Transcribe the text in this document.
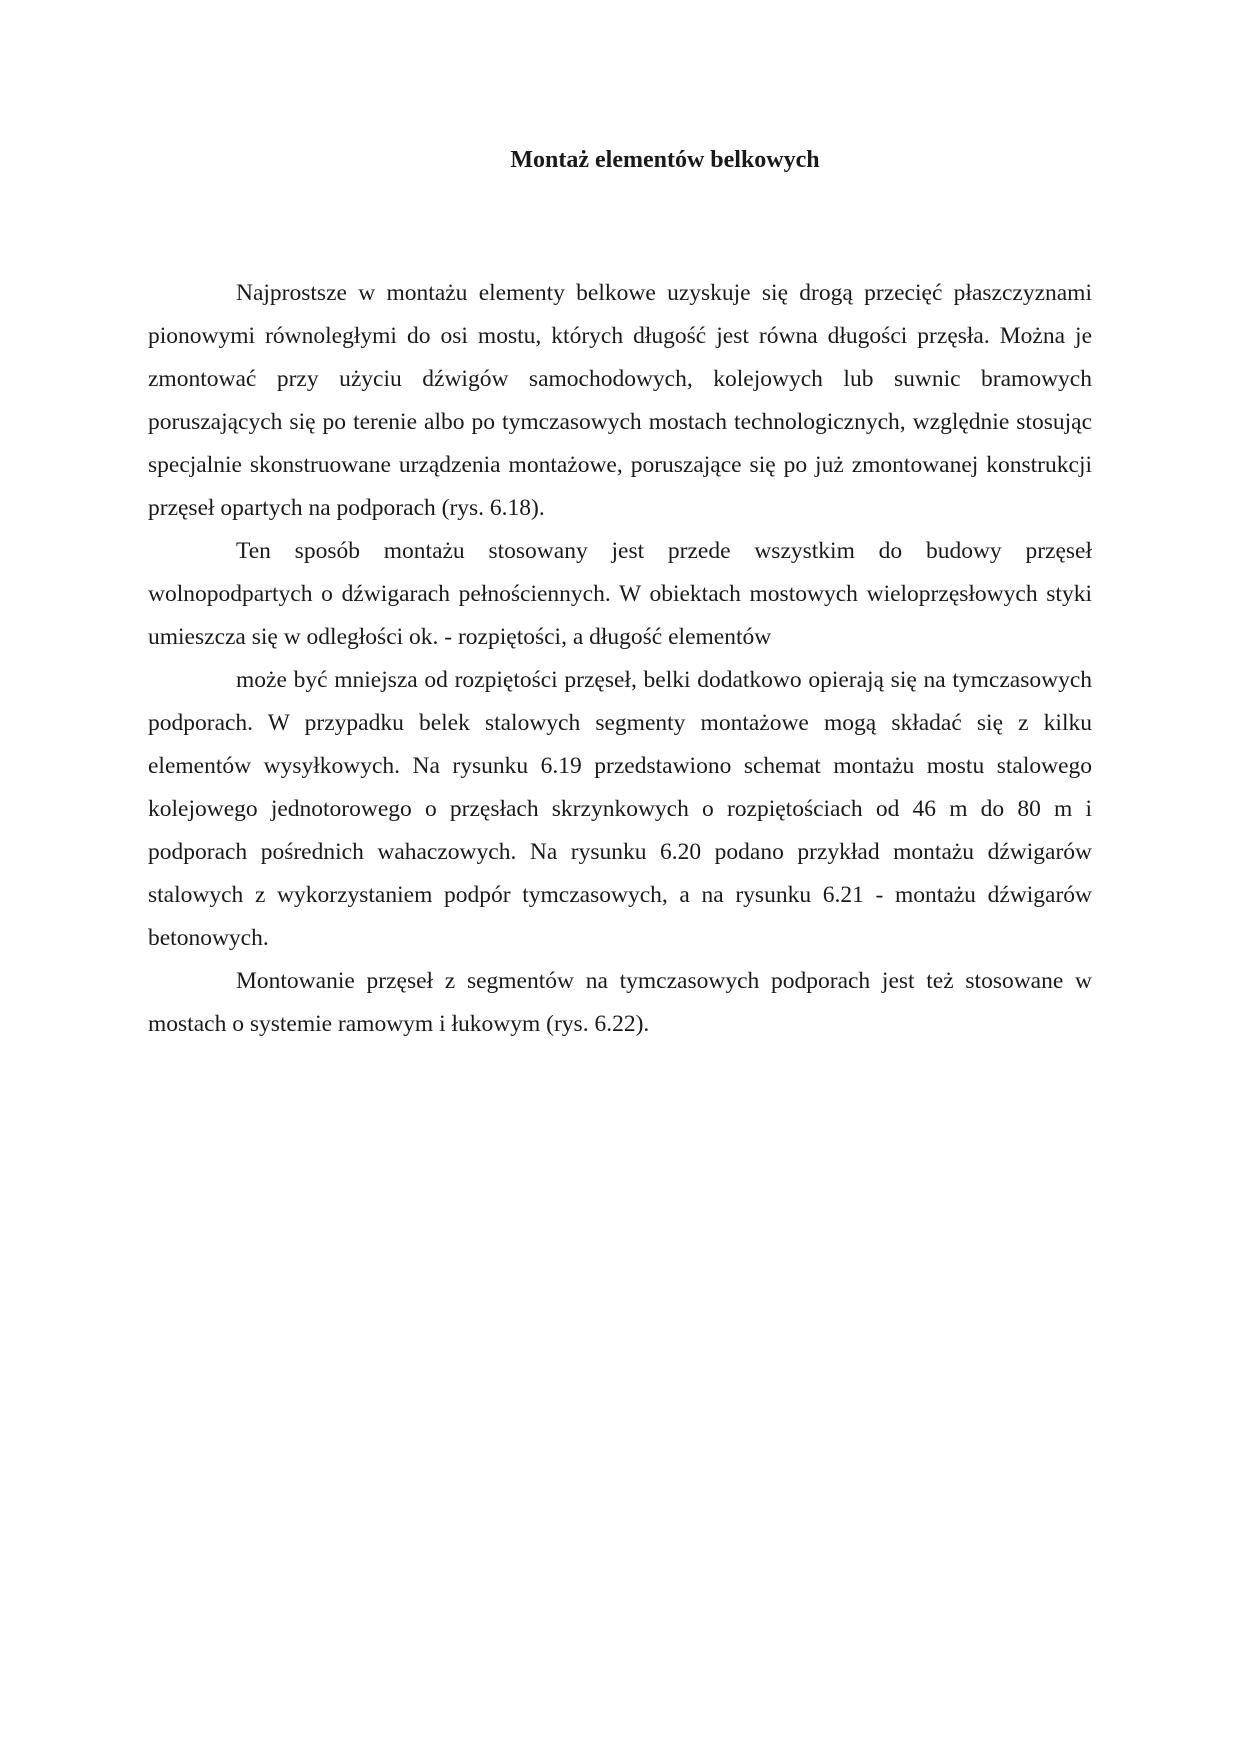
Montaż elementów belkowych

Najprostsze w montażu elementy belkowe uzyskuje się drogą przecięć płaszczyznami pionowymi równoległymi do osi mostu, których długość jest równa długości przęsła. Można je zmontować przy użyciu dźwigów samochodowych, kolejowych lub suwnic bramowych poruszających się po terenie albo po tymczasowych mostach technologicznych, względnie stosując specjalnie skonstruowane urządzenia montażowe, poruszające się po już zmontowanej konstrukcji przęseł opartych na podporach (rys. 6.18).

Ten sposób montażu stosowany jest przede wszystkim do budowy przęseł wolnopodpartych o dźwigarach pełnościennych. W obiektach mostowych wieloprzęsłowych styki umieszcza się w odległości ok. - rozpiętości, a długość elementów

może być mniejsza od rozpiętości przęseł, belki dodatkowo opierają się na tymczasowych podporach. W przypadku belek stalowych segmenty montażowe mogą składać się z kilku elementów wysyłkowych. Na rysunku 6.19 przedstawiono schemat montażu mostu stalowego kolejowego jednotorowego o przęsłach skrzynkowych o rozpiętościach od 46 m do 80 m i podporach pośrednich wahaczowych. Na rysunku 6.20 podano przykład montażu dźwigarów stalowych z wykorzystaniem podpór tymczasowych, a na rysunku 6.21 - montażu dźwigarów betonowych.

Montowanie przęseł z segmentów na tymczasowych podporach jest też stosowane w mostach o systemie ramowym i łukowym (rys. 6.22).
